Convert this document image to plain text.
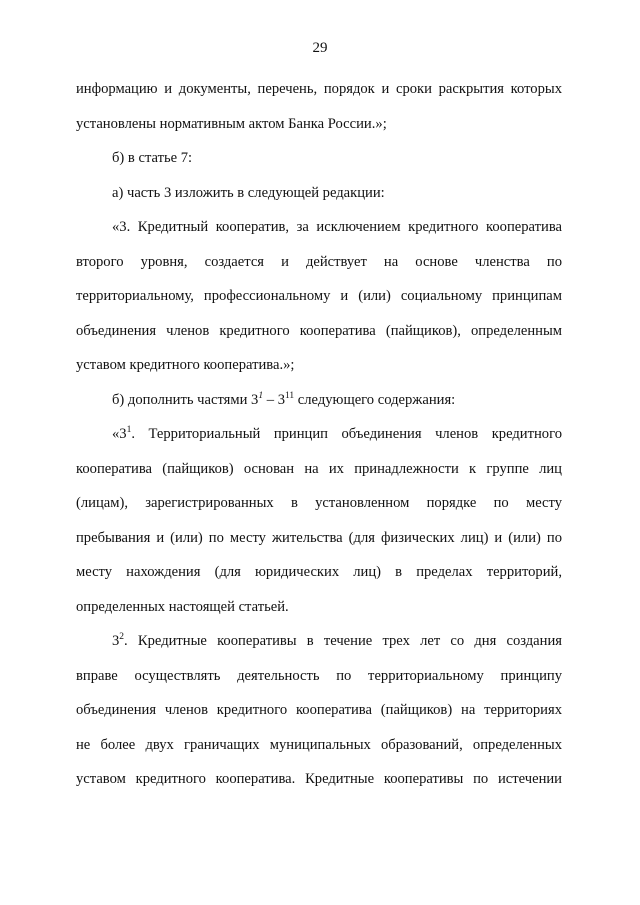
29
информацию и документы, перечень, порядок и сроки раскрытия которых
установлены нормативным актом Банка России.»;
б) в статье 7:
а) часть 3 изложить в следующей редакции:
«3. Кредитный кооператив, за исключением кредитного кооператива
второго уровня, создается и действует на основе членства по
территориальному, профессиональному и (или) социальному принципам
объединения членов кредитного кооператива (пайщиков), определенным
уставом кредитного кооператива.»;
б) дополнить частями $3^1 - 3^{11}$ следующего содержания:
«$3^1$. Территориальный принцип объединения членов кредитного
кооператива (пайщиков) основан на их принадлежности к группе лиц
(лицам), зарегистрированных в установленном порядке по месту
пребывания и (или) по месту жительства (для физических лиц) и (или) по
месту нахождения (для юридических лиц) в пределах территорий,
определенных настоящей статьей.
$3^2$. Кредитные кооперативы в течение трех лет со дня создания
вправе осуществлять деятельность по территориальному принципу
объединения членов кредитного кооператива (пайщиков) на территориях
не более двух граничащих муниципальных образований, определенных
уставом кредитного кооператива. Кредитные кооперативы по истечении
